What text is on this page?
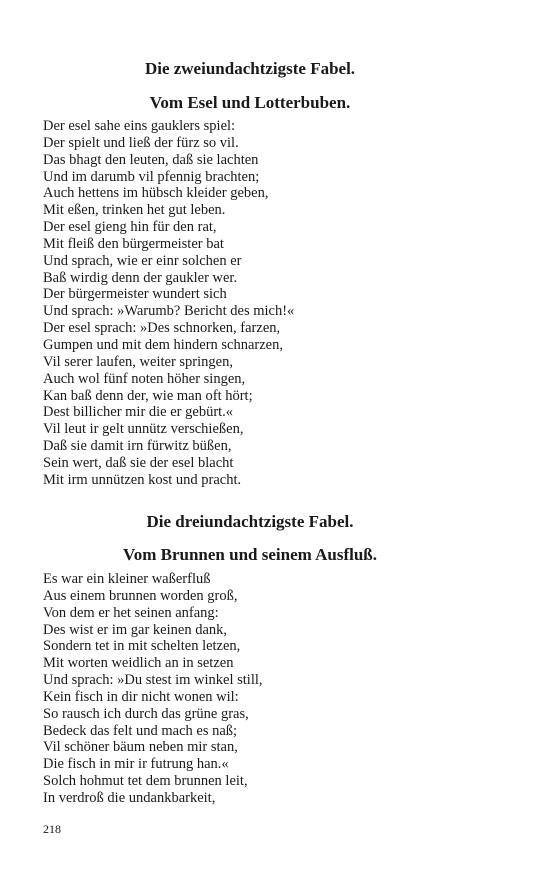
Die zweiundachtzigste Fabel.
Vom Esel und Lotterbuben.
Der esel sahe eins gauklers spiel:
Der spielt und ließ der fürz so vil.
Das bhagt den leuten, daß sie lachten
Und im darumb vil pfennig brachten;
Auch hettens im hübsch kleider geben,
Mit eßen, trinken het gut leben.
Der esel gieng hin für den rat,
Mit fleiß den bürgermeister bat
Und sprach, wie er einr solchen er
Baß wirdig denn der gaukler wer.
Der bürgermeister wundert sich
Und sprach: »Warumb? Bericht des mich!«
Der esel sprach: »Des schnorken, farzen,
Gumpen und mit dem hindern schnarzen,
Vil serer laufen, weiter springen,
Auch wol fünf noten höher singen,
Kan baß denn der, wie man oft hört;
Dest billicher mir die er gebürt.«
Vil leut ir gelt unnütz verschießen,
Daß sie damit irn fürwitz büßen,
Sein wert, daß sie der esel blacht
Mit irm unnützen kost und pracht.
Die dreiundachtzigste Fabel.
Vom Brunnen und seinem Ausfluß.
Es war ein kleiner waßerfluß
Aus einem brunnen worden groß,
Von dem er het seinen anfang:
Des wist er im gar keinen dank,
Sondern tet in mit schelten letzen,
Mit worten weidlich an in setzen
Und sprach: »Du stest im winkel still,
Kein fisch in dir nicht wonen wil:
So rausch ich durch das grüne gras,
Bedeck das felt und mach es naß;
Vil schöner bäum neben mir stan,
Die fisch in mir ir futrung han.«
Solch hohmut tet dem brunnen leit,
In verdroß die undankbarkeit,
218
